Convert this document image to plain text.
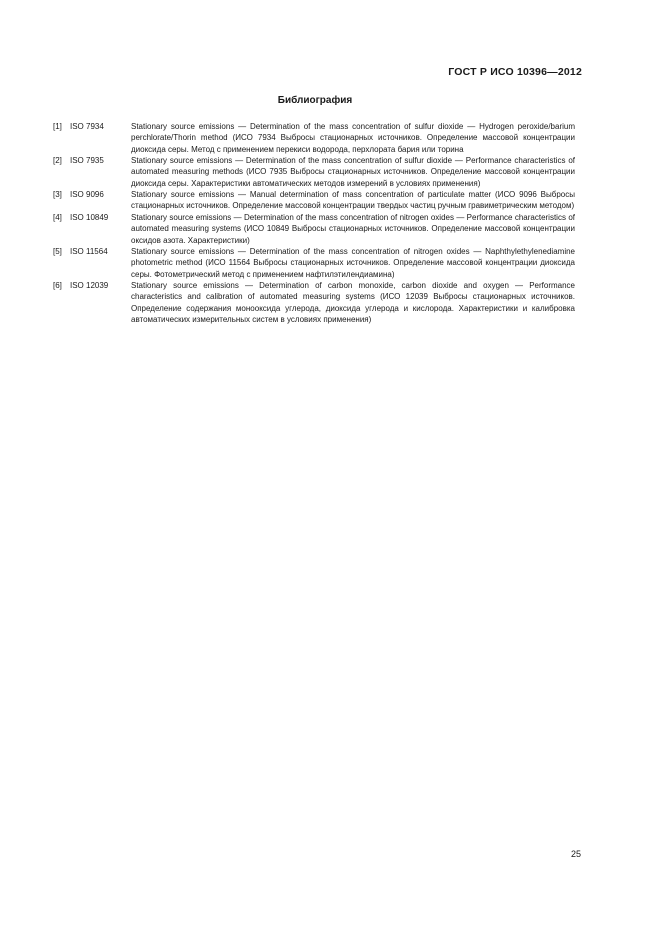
ГОСТ Р ИСО 10396—2012
Библиография
[1]	ISO 7934	Stationary source emissions — Determination of the mass concentration of sulfur dioxide — Hydrogen peroxide/barium perchlorate/Thorin method (ИСО 7934 Выбросы стационарных источников. Определение массовой концентрации диоксида серы. Метод с применением перекиси водорода, перхлората бария или торина
[2]	ISO 7935	Stationary source emissions — Determination of the mass concentration of sulfur dioxide — Performance characteristics of automated measuring methods (ИСО 7935 Выбросы стационарных источников. Определение массовой концентрации диоксида серы. Характеристики автоматических методов измерений в условиях применения)
[3]	ISO 9096	Stationary source emissions — Manual determination of mass concentration of particulate matter (ИСО 9096 Выбросы стационарных источников. Определение массовой концентрации твердых частиц ручным гравиметрическим методом)
[4]	ISO 10849	Stationary source emissions — Determination of the mass concentration of nitrogen oxides — Performance characteristics of automated measuring systems (ИСО 10849 Выбросы стационарных источников. Определение массовой концентрации оксидов азота. Характеристики)
[5]	ISO 11564	Stationary source emissions — Determination of the mass concentration of nitrogen oxides — Naphthylethylenediamine photometric method (ИСО 11564 Выбросы стационарных источников. Определение массовой концентрации диоксида серы. Фотометрический метод с применением нафтилэтилендиамина)
[6]	ISO 12039	Stationary source emissions — Determination of carbon monoxide, carbon dioxide and oxygen — Performance characteristics and calibration of automated measuring systems (ИСО 12039 Выбросы стационарных источников. Определение содержания монооксида углерода, диоксида углерода и кислорода. Характеристики и калибровка автоматических измерительных систем в условиях применения)
25
